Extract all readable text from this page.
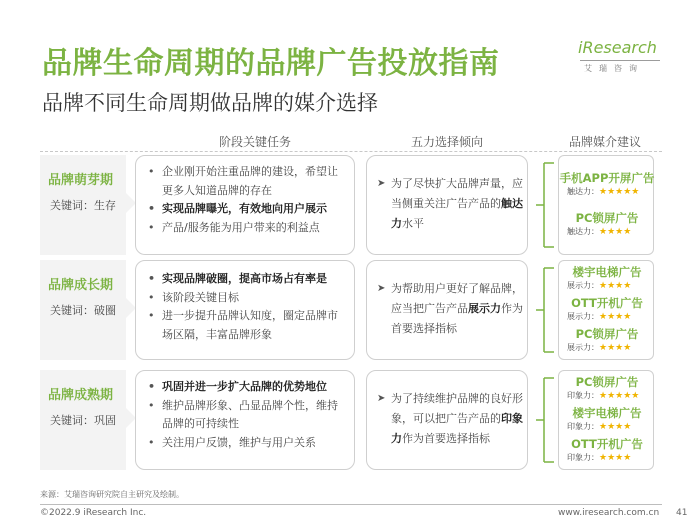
品牌生命周期的品牌广告投放指南
品牌不同生命周期做品牌的媒介选择
iResearch
艾瑞咨询
阶段关键任务	五力选择倾向	品牌媒介建议
品牌萌芽期
关键词：生存
• 企业刚开始注重品牌的建设，希望让更多人知道品牌的存在
• 实现品牌曝光，有效地向用户展示
• 产品/服务能为用户带来的利益点
➤ 为了尽快扩大品牌声量，应当侧重关注广告产品的触达力水平

手机APP开屏广告
触达力：★★★★★
PC锁屏广告
触达力：★★★★
品牌成长期
关键词：破圈
• 实现品牌破圈，提高市场占有率是
• 该阶段关键目标
• 进一步提升品牌认知度，圈定品牌市场区隔，丰富品牌形象
➤ 为帮助用户更好了解品牌，应当把广告产品展示力作为首要选择指标

楼宇电梯广告
展示力：★★★★
OTT开机广告
展示力：★★★★
PC锁屏广告
展示力：★★★★
品牌成熟期
关键词：巩固
• 巩固并进一步扩大品牌的优势地位
• 维护品牌形象、凸显品牌个性，维持品牌的可持续性
• 关注用户反馈，维护与用户关系
➤ 为了持续维护品牌的良好形象，可以把广告产品的印象力作为首要选择指标

PC锁屏广告
印象力：★★★★★
楼宇电梯广告
印象力：★★★★
OTT开机广告
印象力：★★★★
来源：艾瑞咨询研究院自主研究及绘制。
©2022.9 iResearch Inc.	www.iresearch.com.cn 41
